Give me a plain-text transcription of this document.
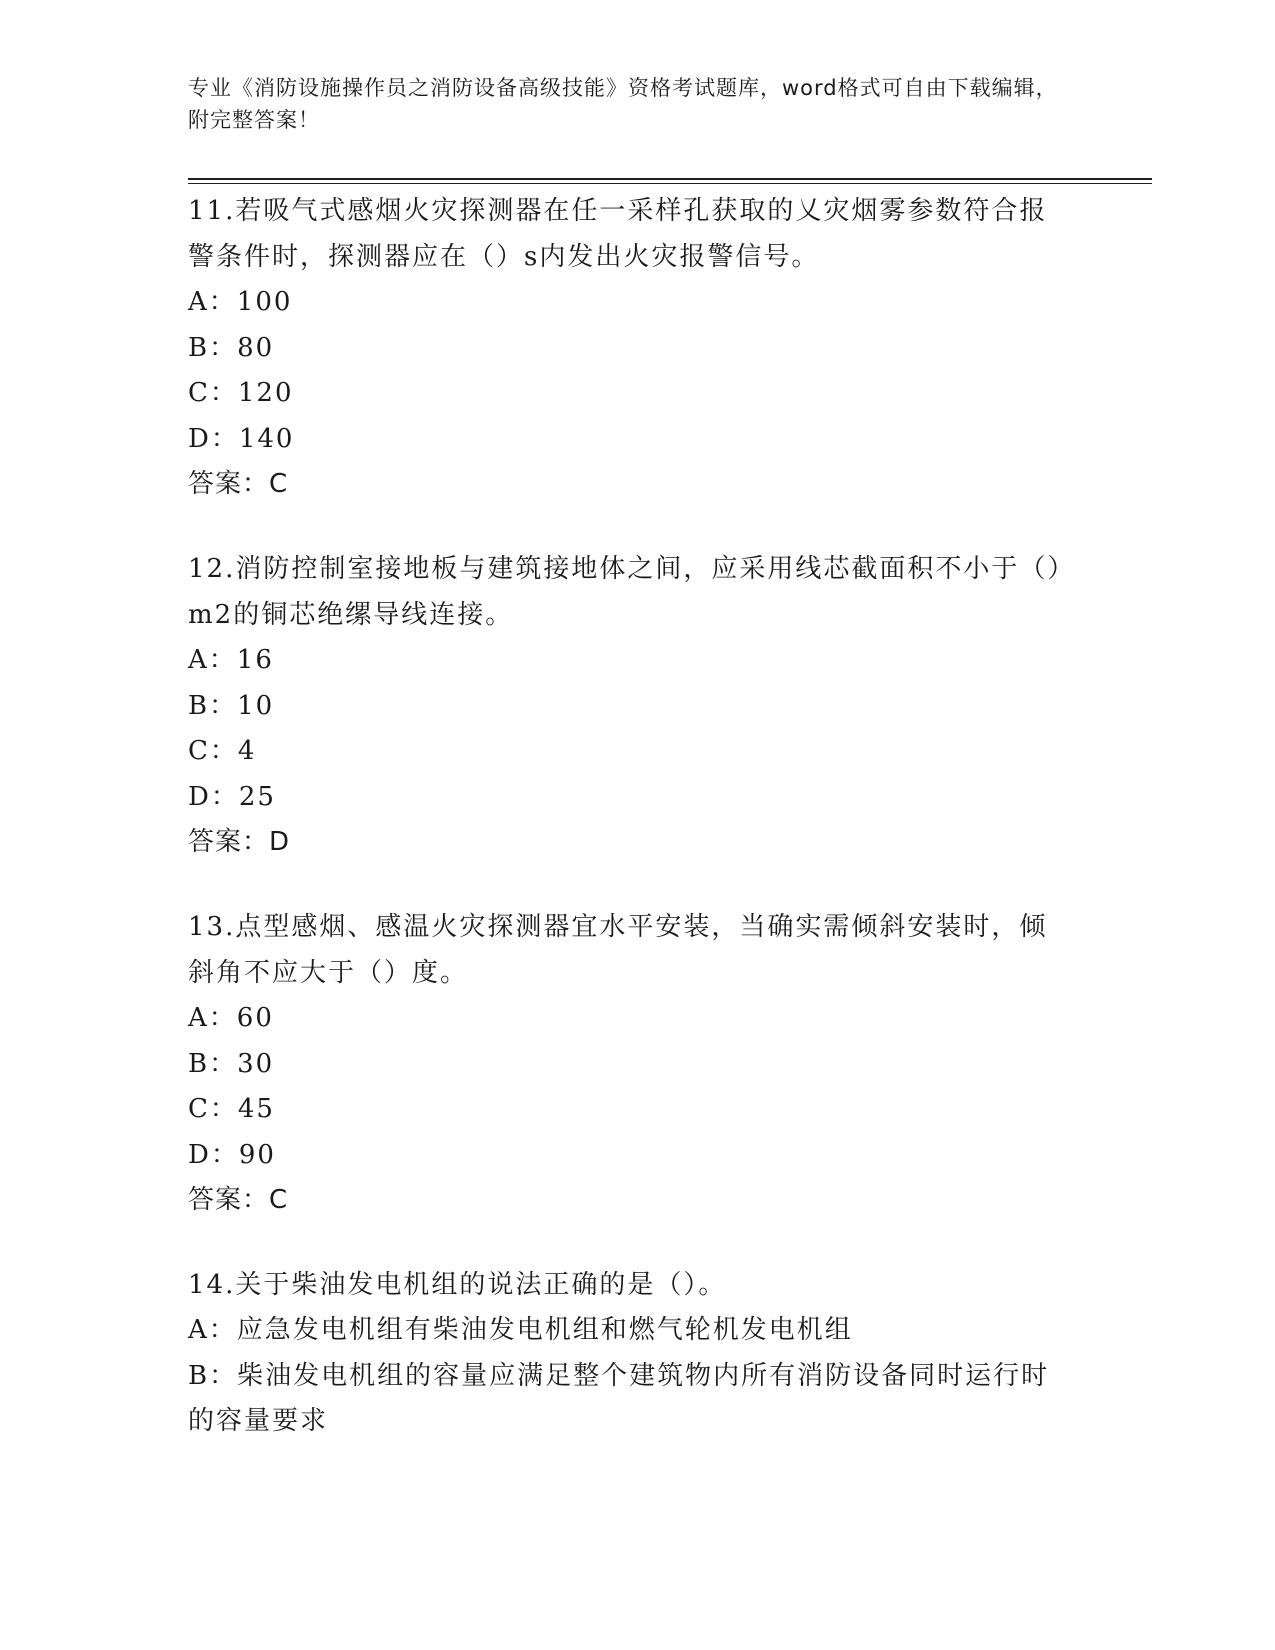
专业《消防设施操作员之消防设备高级技能》资格考试题库，word格式可自由下载编辑，附完整答案！
11.若吸气式感烟火灾探测器在任一采样孔获取的乂灾烟雾参数符合报警条件时，探测器应在（）s内发出火灾报警信号。
A：100
B：80
C：120
D：140
答案：C
12.消防控制室接地板与建筑接地体之间，应采用线芯截面积不小于（）m2的铜芯绝缧导线连接。
A：16
B：10
C：4
D：25
答案：D
13.点型感烟、感温火灾探测器宜水平安装，当确实需倾斜安装时，倾斜角不应大于（）度。
A：60
B：30
C：45
D：90
答案：C
14.关于柴油发电机组的说法正确的是（）。
A：应急发电机组有柴油发电机组和燃气轮机发电机组
B：柴油发电机组的容量应满足整个建筑物内所有消防设备同时运行时的容量要求
